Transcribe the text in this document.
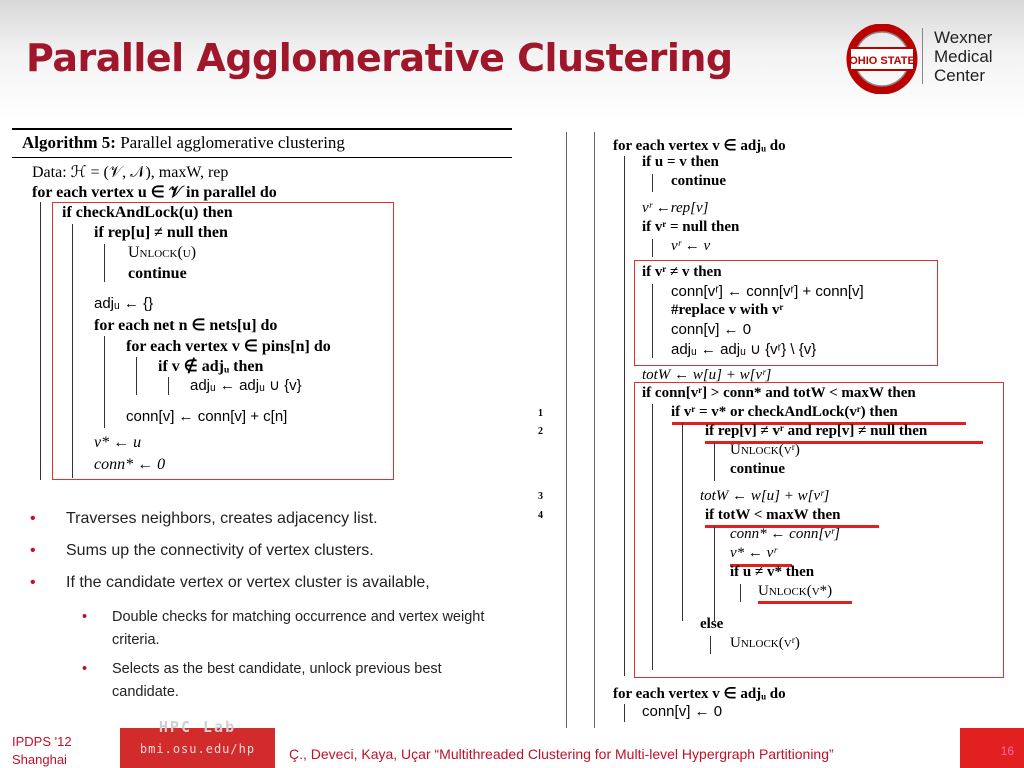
Parallel Agglomerative Clustering	OHIO STATE
Wexner
Medical
Center
Algorithm 5: Parallel agglomerative clustering
Data: ℋ = (𝒱, 𝒩), maxW, rep
for each vertex u ∈ 𝒱 in parallel do
if checkAndLock(u) then
if rep[u] ≠ null then
Unlock(u)
continue
adjᵤ ← {}
for each net n ∈ nets[u] do
for each vertex v ∈ pins[n] do
if v ∉ adjᵤ then
adjᵤ ← adjᵤ ∪ {v}
conn[v] ← conn[v] + c[n]
v* ← u
conn* ← 0
1
2
3
4
for each vertex v ∈ adjᵤ do
if u = v then
continue
vʳ ←rep[v]
if vʳ = null then
vʳ ← v
if vʳ ≠ v then
conn[vʳ] ← conn[vʳ] + conn[v]
#replace v with vʳ
conn[v] ← 0
adjᵤ ← adjᵤ ∪ {vʳ} \ {v}
totW ← w[u] + w[vʳ]
if conn[vʳ] > conn* and totW < maxW then
if vʳ = v* or checkAndLock(vʳ) then
if rep[v] ≠ vʳ and rep[v] ≠ null then
Unlock(vʳ)
continue
totW ← w[u] + w[vʳ]
if totW < maxW then
conn* ← conn[vʳ]
v* ← vʳ
if u ≠ v* then
Unlock(v*)
else
Unlock(vʳ)
for each vertex v ∈ adjᵤ do
conn[v] ← 0
• Traverses neighbors, creates adjacency list.
• Sums up the connectivity of vertex clusters.
• If the candidate vertex or vertex cluster is available,
• Double checks for matching occurrence and vertex weight criteria.
• Selects as the best candidate, unlock previous best candidate.
IPDPS '12
Shanghai
HPC Lab
bmi.osu.edu/hp	Ç., Deveci, Kaya, Uçar “Multithreaded Clustering for Multi-level Hypergraph Partitioning”	16
